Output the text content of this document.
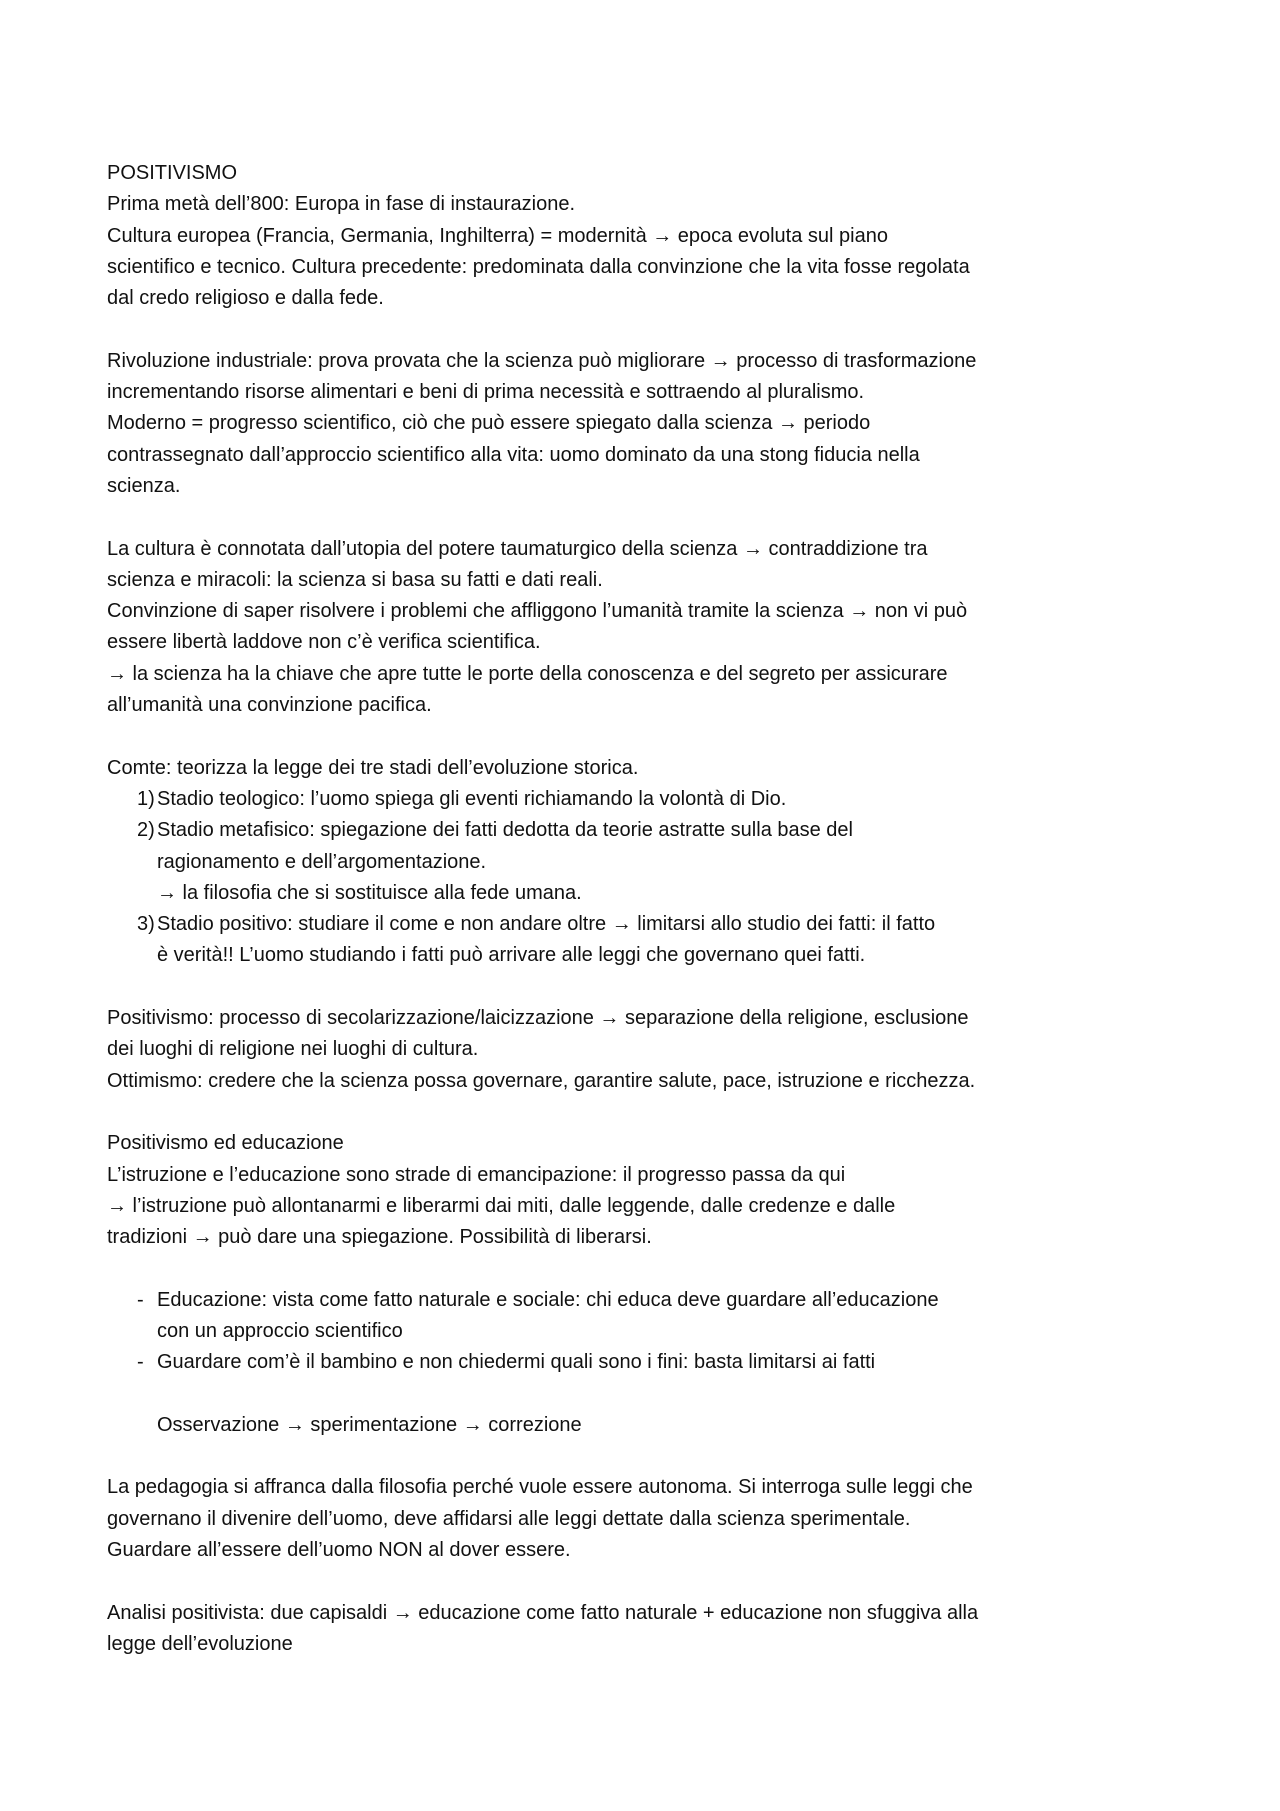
POSITIVISMO
Prima metà dell’800: Europa in fase di instaurazione.
Cultura europea (Francia, Germania, Inghilterra) = modernità → epoca evoluta sul piano
scientifico e tecnico. Cultura precedente: predominata dalla convinzione che la vita fosse regolata
dal credo religioso e dalla fede.

Rivoluzione industriale: prova provata che la scienza può migliorare → processo di trasformazione
incrementando risorse alimentari e beni di prima necessità e sottraendo al pluralismo.
Moderno = progresso scientifico, ciò che può essere spiegato dalla scienza → periodo
contrassegnato dall’approccio scientifico alla vita: uomo dominato da una stong fiducia nella
scienza.

La cultura è connotata dall’utopia del potere taumaturgico della scienza → contraddizione tra
scienza e miracoli: la scienza si basa su fatti e dati reali.
Convinzione di saper risolvere i problemi che affliggono l’umanità tramite la scienza → non vi può
essere libertà laddove non c’è verifica scientifica.
→ la scienza ha la chiave che apre tutte le porte della conoscenza e del segreto per assicurare
all’umanità una convinzione pacifica.

Comte: teorizza la legge dei tre stadi dell’evoluzione storica.
1) Stadio teologico: l’uomo spiega gli eventi richiamando la volontà di Dio.
2) Stadio metafisico: spiegazione dei fatti dedotta da teorie astratte sulla base del
ragionamento e dell’argomentazione.
→ la filosofia che si sostituisce alla fede umana.
3) Stadio positivo: studiare il come e non andare oltre → limitarsi allo studio dei fatti: il fatto
è verità!! L’uomo studiando i fatti può arrivare alle leggi che governano quei fatti.

Positivismo: processo di secolarizzazione/laicizzazione → separazione della religione, esclusione
dei luoghi di religione nei luoghi di cultura.
Ottimismo: credere che la scienza possa governare, garantire salute, pace, istruzione e ricchezza.

Positivismo ed educazione
L’istruzione e l’educazione sono strade di emancipazione: il progresso passa da qui
→ l’istruzione può allontanarmi e liberarmi dai miti, dalle leggende, dalle credenze e dalle
tradizioni → può dare una spiegazione. Possibilità di liberarsi.

- Educazione: vista come fatto naturale e sociale: chi educa deve guardare all’educazione
con un approccio scientifico
- Guardare com’è il bambino e non chiedermi quali sono i fini: basta limitarsi ai fatti

Osservazione → sperimentazione → correzione

La pedagogia si affranca dalla filosofia perché vuole essere autonoma. Si interroga sulle leggi che
governano il divenire dell’uomo, deve affidarsi alle leggi dettate dalla scienza sperimentale.
Guardare all’essere dell’uomo NON al dover essere.

Analisi positivista: due capisaldi → educazione come fatto naturale + educazione non sfuggiva alla
legge dell’evoluzione
